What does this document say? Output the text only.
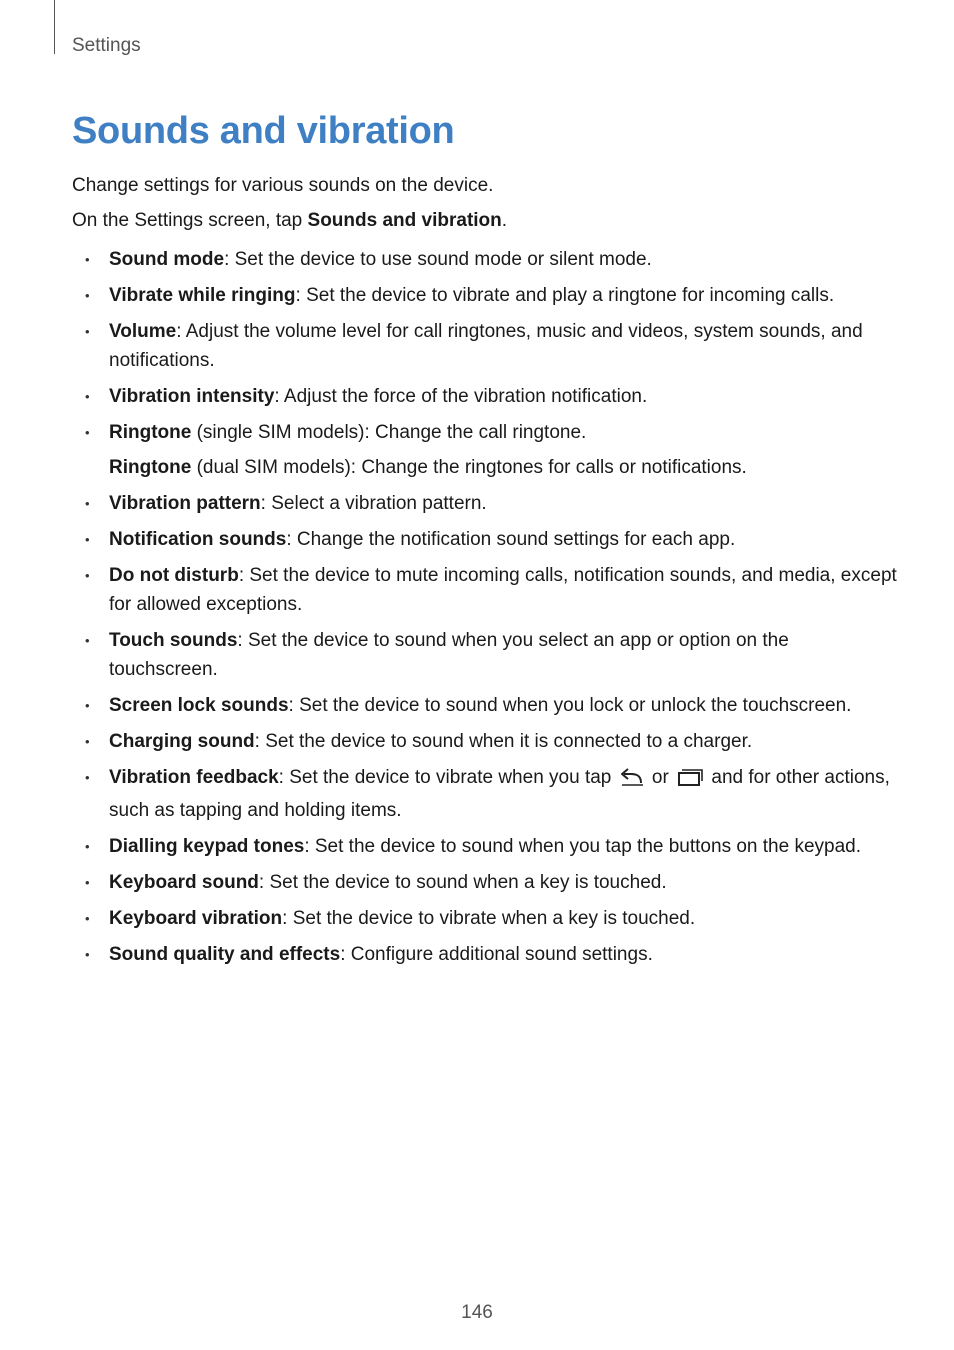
Settings
Sounds and vibration

Change settings for various sounds on the device.

On the Settings screen, tap Sounds and vibration.

• Sound mode: Set the device to use sound mode or silent mode.
• Vibrate while ringing: Set the device to vibrate and play a ringtone for incoming calls.
• Volume: Adjust the volume level for call ringtones, music and videos, system sounds, and notifications.
• Vibration intensity: Adjust the force of the vibration notification.
• Ringtone (single SIM models): Change the call ringtone.
Ringtone (dual SIM models): Change the ringtones for calls or notifications.
• Vibration pattern: Select a vibration pattern.
• Notification sounds: Change the notification sound settings for each app.
• Do not disturb: Set the device to mute incoming calls, notification sounds, and media, except for allowed exceptions.
• Touch sounds: Set the device to sound when you select an app or option on the touchscreen.
• Screen lock sounds: Set the device to sound when you lock or unlock the touchscreen.
• Charging sound: Set the device to sound when it is connected to a charger.
• Vibration feedback: Set the device to vibrate when you tap  or  and for other actions, such as tapping and holding items.
• Dialling keypad tones: Set the device to sound when you tap the buttons on the keypad.
• Keyboard sound: Set the device to sound when a key is touched.
• Keyboard vibration: Set the device to vibrate when a key is touched.
• Sound quality and effects: Configure additional sound settings.
146
